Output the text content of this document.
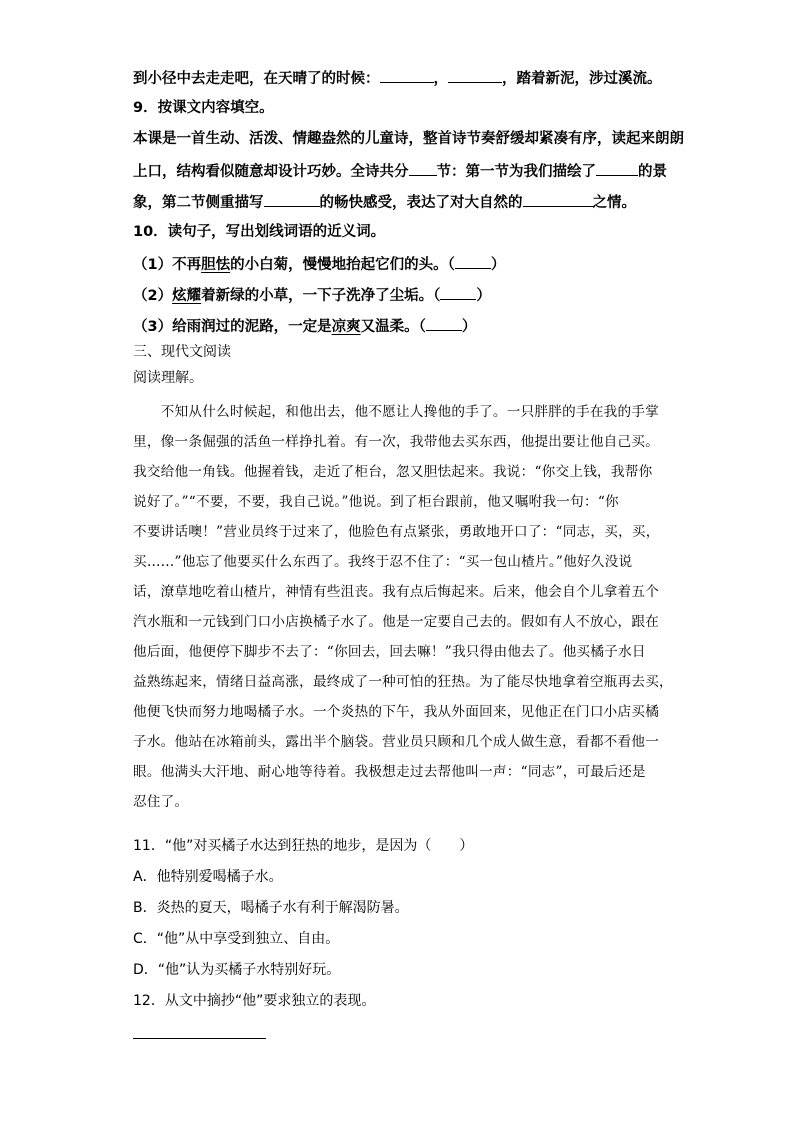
到小径中去走走吧，在天晴了的时候：	，	，踏着新泥，涉过溪流。
9．按课文内容填空。
本课是一首生动、活泼、情趣盎然的儿童诗，整首诗节奏舒缓却紧凑有序，读起来朗朗
上口，结构看似随意却设计巧妙。全诗共分 节：第一节为我们描绘了	的景
象，第二节侧重描写	的畅快感受，表达了对大自然的	之情。
10．读句子，写出划线词语的近义词。
（1）不再胆怯的小白菊，慢慢地抬起它们的头。（ ）
（2）炫耀着新绿的小草，一下子洗净了尘垢。（ ）
（3）给雨润过的泥路，一定是凉爽又温柔。（ ）
三、现代文阅读
阅读理解。
　　不知从什么时候起，和他出去，他不愿让人搀他的手了。一只胖胖的手在我的手掌
里，像一条倔强的活鱼一样挣扎着。有一次，我带他去买东西，他提出要让他自己买。
我交给他一角钱。他握着钱，走近了柜台，忽又胆怯起来。我说：“你交上钱，我帮你
说好了。”“不要，不要，我自己说。”他说。到了柜台跟前，他又嘱咐我一句：“你
不要讲话噢！”营业员终于过来了，他脸色有点紧张，勇敢地开口了：“同志，买，买，
买……”他忘了他要买什么东西了。我终于忍不住了：“买一包山楂片。”他好久没说
话，潦草地吃着山楂片，神情有些沮丧。我有点后悔起来。后来，他会自个儿拿着五个
汽水瓶和一元钱到门口小店换橘子水了。他是一定要自己去的。假如有人不放心，跟在
他后面，他便停下脚步不去了：“你回去，回去嘛！”我只得由他去了。他买橘子水日
益熟练起来，情绪日益高涨，最终成了一种可怕的狂热。为了能尽快地拿着空瓶再去买，
他便飞快而努力地喝橘子水。一个炎热的下午，我从外面回来，见他正在门口小店买橘
子水。他站在冰箱前头，露出半个脑袋。营业员只顾和几个成人做生意，看都不看他一
眼。他满头大汗地、耐心地等待着。我极想走过去帮他叫一声：“同志”，可最后还是
忍住了。
11．“他”对买橘子水达到狂热的地步，是因为（　　）
A．他特别爱喝橘子水。
B．炎热的夏天，喝橘子水有利于解渴防暑。
C．“他”从中享受到独立、自由。
D．“他”认为买橘子水特别好玩。
12．从文中摘抄“他”要求独立的表现。
